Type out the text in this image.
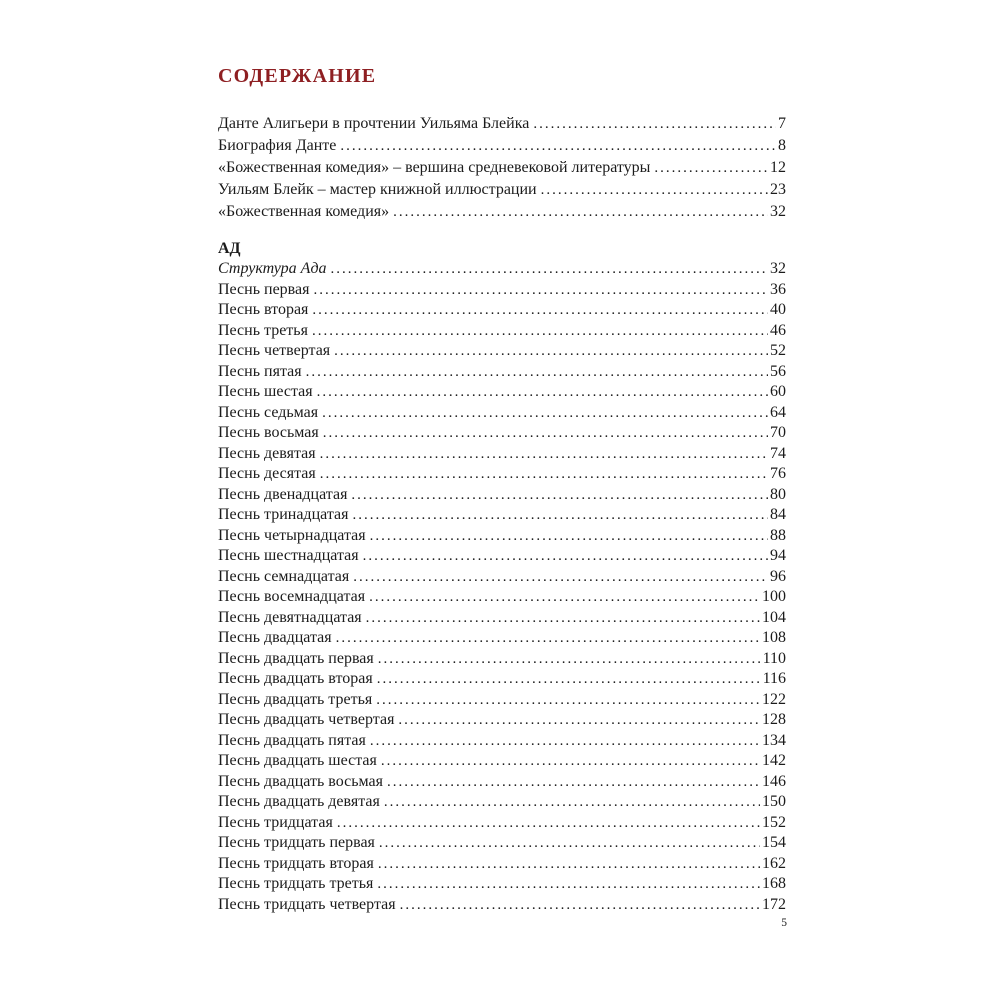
СОДЕРЖАНИЕ
Данте Алигьери в прочтении Уильяма Блейка .....	7
Биография Данте .....	8
«Божественная комедия» – вершина средневековой литературы .....	12
Уильям Блейк – мастер книжной иллюстрации .....	23
«Божественная комедия» .....	32
АД
Структура Ада .....	32
Песнь первая .....	36
Песнь вторая .....	40
Песнь третья .....	46
Песнь четвертая .....	52
Песнь пятая .....	56
Песнь шестая .....	60
Песнь седьмая .....	64
Песнь восьмая .....	70
Песнь девятая .....	74
Песнь десятая .....	76
Песнь двенадцатая .....	80
Песнь тринадцатая .....	84
Песнь четырнадцатая .....	88
Песнь шестнадцатая .....	94
Песнь семнадцатая .....	96
Песнь восемнадцатая .....	100
Песнь девятнадцатая .....	104
Песнь двадцатая .....	108
Песнь двадцать первая .....	110
Песнь двадцать вторая .....	116
Песнь двадцать третья .....	122
Песнь двадцать четвертая .....	128
Песнь двадцать пятая .....	134
Песнь двадцать шестая .....	142
Песнь двадцать восьмая .....	146
Песнь двадцать девятая .....	150
Песнь тридцатая .....	152
Песнь тридцать первая .....	154
Песнь тридцать вторая .....	162
Песнь тридцать третья .....	168
Песнь тридцать четвертая .....	172
5
